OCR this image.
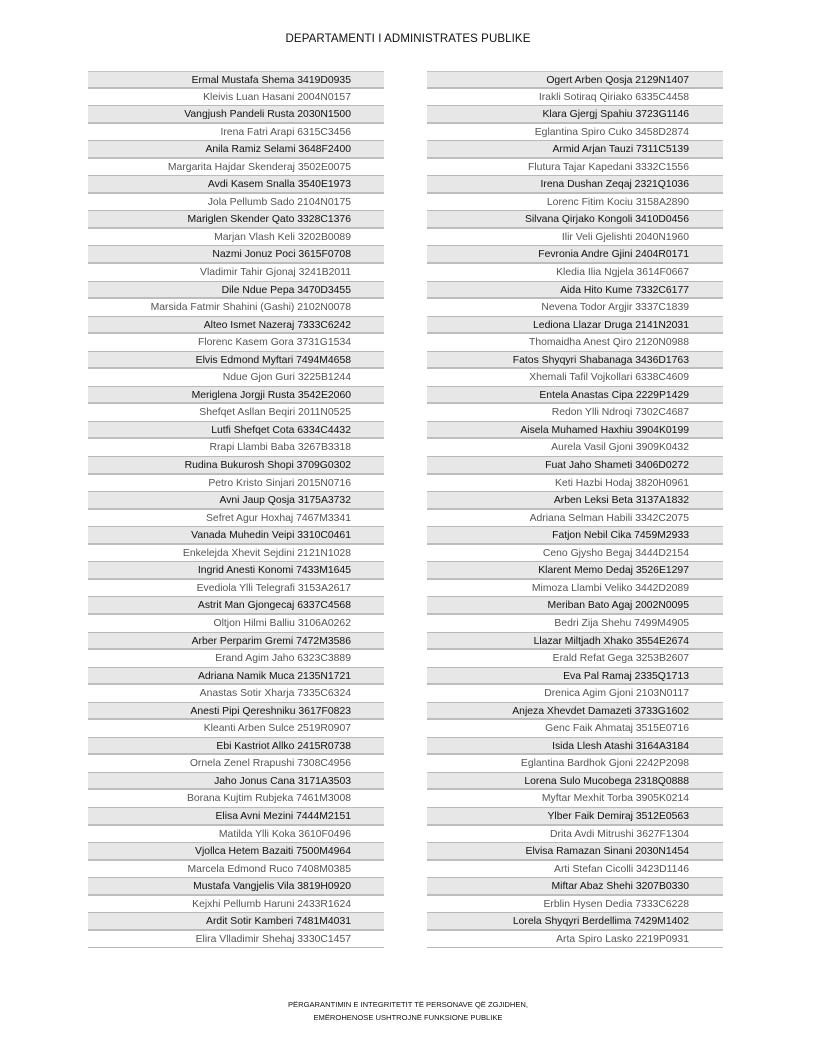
DEPARTAMENTI I ADMINISTRATES PUBLIKE
Ermal Mustafa Shema 3419D0935
Kleivis Luan Hasani 2004N0157
Vangjush Pandeli Rusta 2030N1500
Irena Fatri Arapi 6315C3456
Anila Ramiz Selami 3648F2400
Margarita Hajdar Skenderaj 3502E0075
Avdi Kasem Snalla 3540E1973
Jola Pellumb Sado 2104N0175
Mariglen Skender Qato 3328C1376
Marjan Vlash Keli 3202B0089
Nazmi Jonuz Poci 3615F0708
Vladimir Tahir Gjonaj 3241B2011
Dile Ndue Pepa 3470D3455
Marsida Fatmir Shahini (Gashi) 2102N0078
Alteo Ismet Nazeraj 7333C6242
Florenc Kasem Gora 3731G1534
Elvis Edmond Myftari 7494M4658
Ndue Gjon Guri 3225B1244
Meriglena Jorgji Rusta 3542E2060
Shefqet Asllan Beqiri 2011N0525
Lutfi Shefqet Cota 6334C4432
Rrapi Llambi Baba 3267B3318
Rudina Bukurosh Shopi 3709G0302
Petro Kristo Sinjari 2015N0716
Avni Jaup Qosja 3175A3732
Sefret Agur Hoxhaj 7467M3341
Vanada Muhedin Veipi 3310C0461
Enkelejda Xhevit Sejdini 2121N1028
Ingrid Anesti Konomi 7433M1645
Evediola Ylli Telegrafi 3153A2617
Astrit Man Gjongecaj 6337C4568
Oltjon Hilmi Balliu 3106A0262
Arber Perparim Gremi 7472M3586
Erand Agim Jaho 6323C3889
Adriana Namik Muca 2135N1721
Anastas Sotir Xharja 7335C6324
Anesti Pipi Qereshniku 3617F0823
Kleanti Arben Sulce 2519R0907
Ebi Kastriot Allko 2415R0738
Ornela Zenel Rrapushi 7308C4956
Jaho Jonus Cana 3171A3503
Borana Kujtim Rubjeka 7461M3008
Elisa Avni Mezini 7444M2151
Matilda Ylli Koka 3610F0496
Vjollca Hetem Bazaiti 7500M4964
Marcela Edmond Ruco 7408M0385
Mustafa Vangjelis Vila 3819H0920
Kejxhi Pellumb Haruni 2433R1624
Ardit Sotir Kamberi 7481M4031
Elira Vlladimir Shehaj 3330C1457
Ogert Arben Qosja 2129N1407
Irakli Sotiraq Qiriako 6335C4458
Klara Gjergj Spahiu 3723G1146
Eglantina Spiro Cuko 3458D2874
Armid Arjan Tauzi 7311C5139
Flutura Tajar Kapedani 3332C1556
Irena Dushan Zeqaj 2321Q1036
Lorenc Fitim Kociu 3158A2890
Silvana Qirjako Kongoli 3410D0456
Ilir Veli Gjelishti 2040N1960
Fevronia Andre Gjini 2404R0171
Kledia Ilia Ngjela 3614F0667
Aida Hito Kume 7332C6177
Nevena Todor Argjir 3337C1839
Lediona Llazar Druga 2141N2031
Thomaidha Anest Qiro 2120N0988
Fatos Shyqyri Shabanaga 3436D1763
Xhemali Tafil Vojkollari 6338C4609
Entela Anastas Cipa 2229P1429
Redon Ylli Ndroqi 7302C4687
Aisela Muhamed Haxhiu 3904K0199
Aurela Vasil Gjoni 3909K0432
Fuat Jaho Shameti 3406D0272
Keti Hazbi Hodaj 3820H0961
Arben Leksi Beta 3137A1832
Adriana Selman Habili 3342C2075
Fatjon Nebil Cika 7459M2933
Ceno Gjysho Begaj 3444D2154
Klarent Memo Dedaj 3526E1297
Mimoza Llambi Veliko 3442D2089
Meriban Bato Agaj 2002N0095
Bedri Zija Shehu 7499M4905
Llazar Miltjadh Xhako 3554E2674
Erald Refat Gega 3253B2607
Eva Pal Ramaj 2335Q1713
Drenica Agim Gjoni 2103N0117
Anjeza Xhevdet Damazeti 3733G1602
Genc Faik Ahmataj 3515E0716
Isida Llesh Atashi 3164A3184
Eglantina Bardhok Gjoni 2242P2098
Lorena Sulo Mucobega 2318Q0888
Myftar Mexhit Torba 3905K0214
Ylber Faik Demiraj 3512E0563
Drita Avdi Mitrushi 3627F1304
Elvisa Ramazan Sinani 2030N1454
Arti Stefan Cicolli 3423D1146
Miftar Abaz Shehi 3207B0330
Erblin Hysen Dedia 7333C6228
Lorela Shyqyri Berdellima 7429M1402
Arta Spiro Lasko 2219P0931
PËRGARANTIMIN E INTEGRITETIT TË PERSONAVE QË ZGJIDHEN,
EMËROHENOSE USHTROJNË FUNKSIONE PUBLIKE
